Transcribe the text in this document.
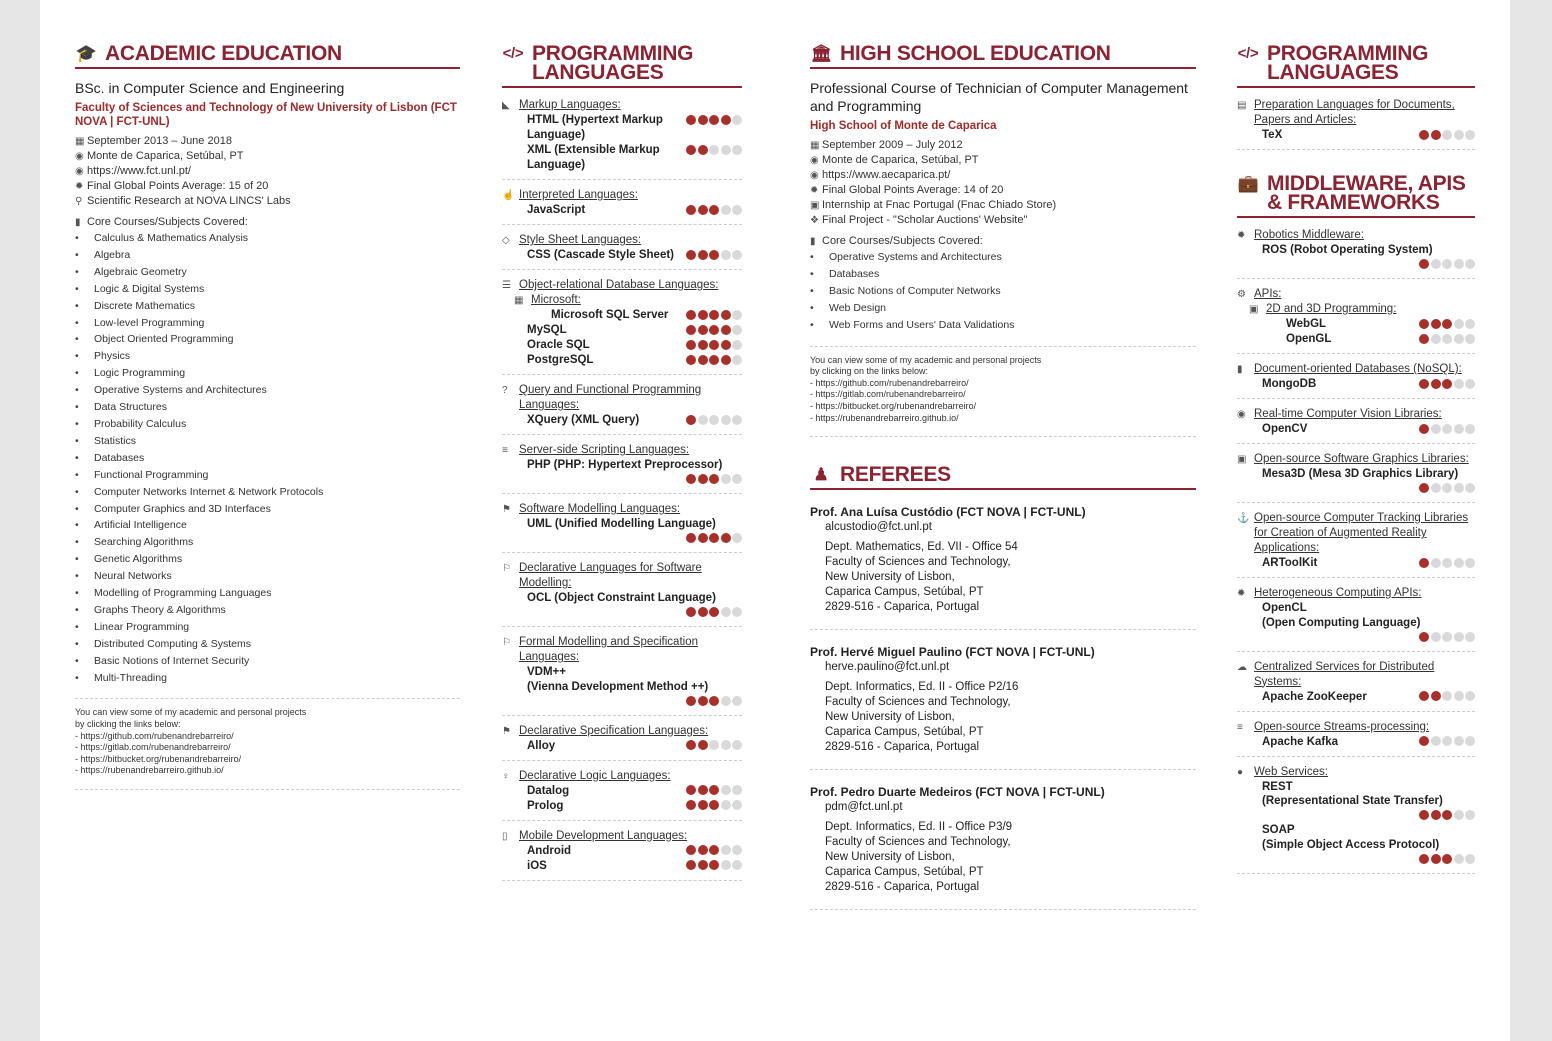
🎓 ACADEMIC EDUCATION
BSc. in Computer Science and Engineering
Faculty of Sciences and Technology of New University of Lisbon (FCT NOVA | FCT-UNL)
▦ September 2013 – June 2018
◉ Monte de Caparica, Setúbal, PT
◉ https://www.fct.unl.pt/
✹ Final Global Points Average: 15 of 20
⚲ Scientific Research at NOVA LINCS' Labs
▮ Core Courses/Subjects Covered:
• Calculus & Mathematics Analysis
• Algebra
• Algebraic Geometry
• Logic & Digital Systems
• Discrete Mathematics
• Low-level Programming
• Object Oriented Programming
• Physics
• Logic Programming
• Operative Systems and Architectures
• Data Structures
• Probability Calculus
• Statistics
• Databases
• Functional Programming
• Computer Networks Internet & Network Protocols
• Computer Graphics and 3D Interfaces
• Artificial Intelligence
• Searching Algorithms
• Genetic Algorithms
• Neural Networks
• Modelling of Programming Languages
• Graphs Theory & Algorithms
• Linear Programming
• Distributed Computing & Systems
• Basic Notions of Internet Security
• Multi-Threading
You can view some of my academic and personal projects
by clicking the links below:
- https://github.com/rubenandrebarreiro/
- https://gitlab.com/rubenandrebarreiro/
- https://bitbucket.org/rubenandrebarreiro/
- https://rubenandrebarreiro.github.io/
</> PROGRAMMING
LANGUAGES
◣ Markup Languages:
HTML (Hypertext Markup Language)
XML (Extensible Markup Language)
☝ Interpreted Languages:
JavaScript
◇ Style Sheet Languages:
CSS (Cascade Style Sheet)
☰ Object-relational Database Languages:
▦ Microsoft:
Microsoft SQL Server
MySQL
Oracle SQL
PostgreSQL
? Query and Functional Programming Languages:
XQuery (XML Query)
≡ Server-side Scripting Languages:
PHP (PHP: Hypertext Preprocessor)
⚑ Software Modelling Languages:
UML (Unified Modelling Language)
⚐ Declarative Languages for Software Modelling:
OCL (Object Constraint Language)
⚐ Formal Modelling and Specification Languages:
VDM++
(Vienna Development Method ++)
⚑ Declarative Specification Languages:
Alloy
♀ Declarative Logic Languages:
Datalog
Prolog
▯ Mobile Development Languages:
Android
iOS
🏛 HIGH SCHOOL EDUCATION
Professional Course of Technician of Computer Management and Programming
High School of Monte de Caparica
▦ September 2009 – July 2012
◉ Monte de Caparica, Setúbal, PT
◉ https://www.aecaparica.pt/
✹ Final Global Points Average: 14 of 20
▣ Internship at Fnac Portugal (Fnac Chiado Store)
❖ Final Project - "Scholar Auctions' Website"
▮ Core Courses/Subjects Covered:
• Operative Systems and Architectures
• Databases
• Basic Notions of Computer Networks
• Web Design
• Web Forms and Users' Data Validations
You can view some of my academic and personal projects
by clicking on the links below:
- https://github.com/rubenandrebarreiro/
- https://gitlab.com/rubenandrebarreiro/
- https://bitbucket.org/rubenandrebarreiro/
- https://rubenandrebarreiro.github.io/
♟ REFEREES
Prof. Ana Luísa Custódio (FCT NOVA | FCT-UNL)
alcustodio@fct.unl.pt
Dept. Mathematics, Ed. VII - Office 54
Faculty of Sciences and Technology,
New University of Lisbon,
Caparica Campus, Setúbal, PT
2829-516 - Caparica, Portugal
Prof. Hervé Miguel Paulino (FCT NOVA | FCT-UNL)
herve.paulino@fct.unl.pt
Dept. Informatics, Ed. II - Office P2/16
Faculty of Sciences and Technology,
New University of Lisbon,
Caparica Campus, Setúbal, PT
2829-516 - Caparica, Portugal
Prof. Pedro Duarte Medeiros (FCT NOVA | FCT-UNL)
pdm@fct.unl.pt
Dept. Informatics, Ed. II - Office P3/9
Faculty of Sciences and Technology,
New University of Lisbon,
Caparica Campus, Setúbal, PT
2829-516 - Caparica, Portugal
</> PROGRAMMING
LANGUAGES
▤ Preparation Languages for Documents, Papers and Articles:
TeX
💼 MIDDLEWARE, APIS
& FRAMEWORKS
✹ Robotics Middleware:
ROS (Robot Operating System)
⚙ APIs:
▣ 2D and 3D Programming:
WebGL
OpenGL
▮ Document-oriented Databases (NoSQL):
MongoDB
◉ Real-time Computer Vision Libraries:
OpenCV
▣ Open-source Software Graphics Libraries:
Mesa3D (Mesa 3D Graphics Library)
⚓ Open-source Computer Tracking Libraries for Creation of Augmented Reality Applications:
ARToolKit
✹ Heterogeneous Computing APIs:
OpenCL
(Open Computing Language)
☁ Centralized Services for Distributed Systems:
Apache ZooKeeper
≡ Open-source Streams-processing:
Apache Kafka
● Web Services:
REST
(Representational State Transfer)
SOAP
(Simple Object Access Protocol)
